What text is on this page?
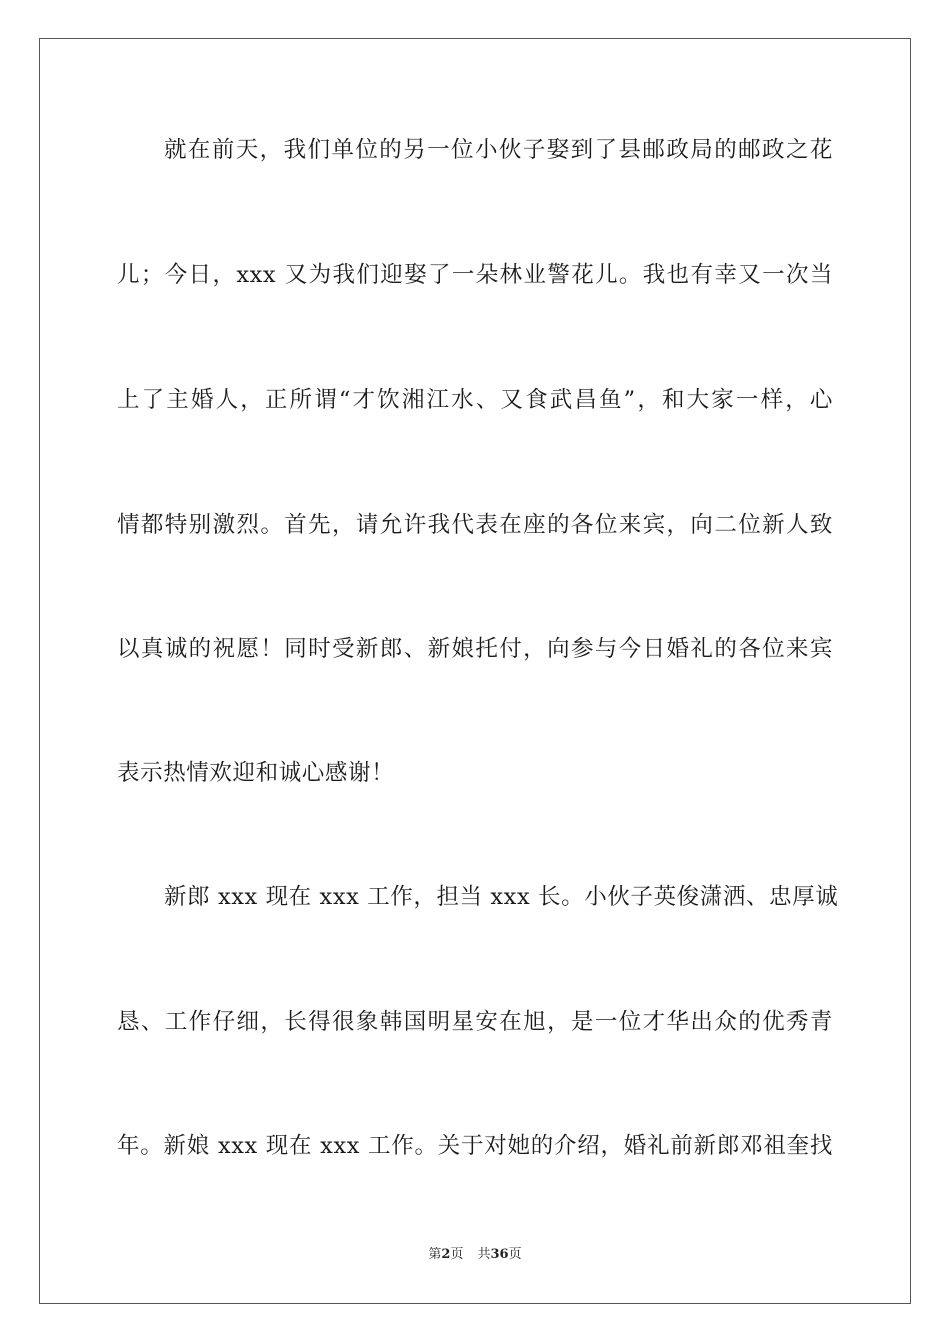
就在前天，我们单位的另一位小伙子娶到了县邮政局的邮政之花
儿；今日，xxx 又为我们迎娶了一朵林业警花儿。我也有幸又一次当
上了主婚人，正所谓“才饮湘江水、又食武昌鱼”，和大家一样，心
情都特别激烈。首先，请允许我代表在座的各位来宾，向二位新人致
以真诚的祝愿！同时受新郎、新娘托付，向参与今日婚礼的各位来宾
表示热情欢迎和诚心感谢！
新郎 xxx 现在 xxx 工作，担当 xxx 长。小伙子英俊潇洒、忠厚诚
恳、工作仔细，长得很象韩国明星安在旭，是一位才华出众的优秀青
年。新娘 xxx 现在 xxx 工作。关于对她的介绍，婚礼前新郎邓祖奎找
第2页 共36页
